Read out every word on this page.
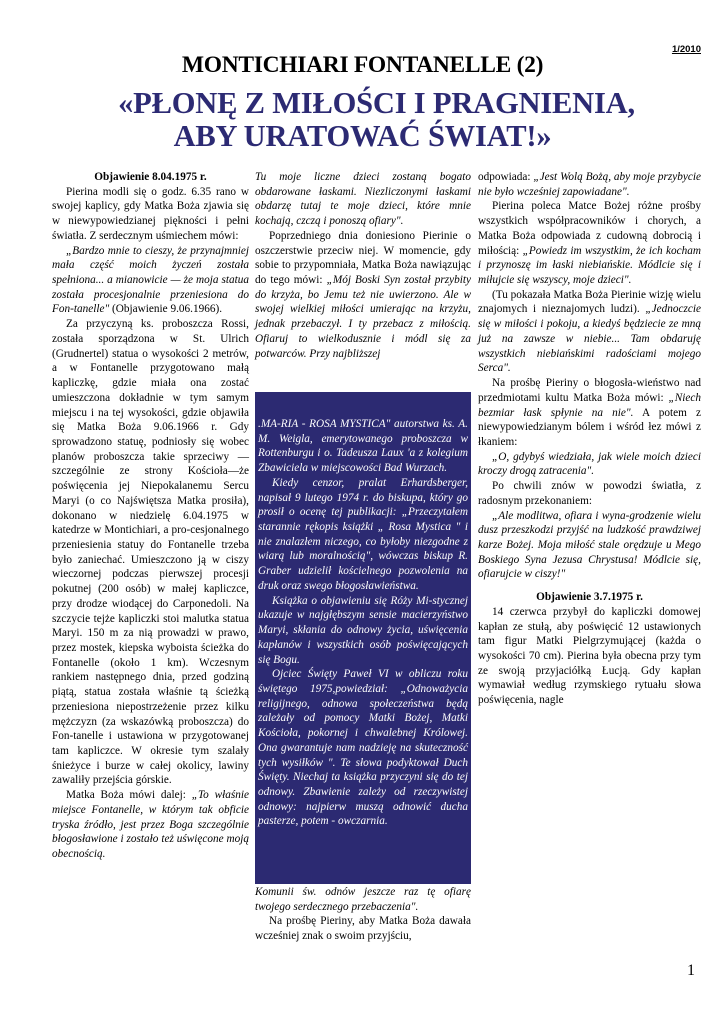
1/2010
MONTICHIARI FONTANELLE (2)
«PŁONĘ Z MIŁOŚCI I PRAGNIENIA,
ABY URATOWAĆ ŚWIAT!»

Objawienie 8.04.1975 r.

Pierina modli się o godz. 6.35 rano w swojej kaplicy, gdy Matka Boża zjawia się w niewypowiedzianej piękności i pełni światła. Z serdecznym uśmiechem mówi:

„Bardzo mnie to cieszy, że przynajmniej mała część moich życzeń została spełniona... a mianowicie — że moja statua została procesjonalnie przeniesiona do Fon-tanelle" (Objawienie 9.06.1966).

Za przyczyną ks. proboszcza Rossi, została sporządzona w St. Ulrich (Grudnertel) statua o wysokości 2 metrów, a w Fontanelle przygotowano małą kapliczkę, gdzie miała ona zostać umieszczona dokładnie w tym samym miejscu i na tej wysokości, gdzie objawiła się Matka Boża 9.06.1966 r. Gdy sprowadzono statuę, podniosły się wobec planów proboszcza takie sprzeciwy — szczególnie ze strony Kościoła—że poświęcenia jej Niepokalanemu Sercu Maryi (o co Najświętsza Matka prosiła), dokonano w niedzielę 6.04.1975 w katedrze w Montichiari, a pro-cesjonalnego przeniesienia statuy do Fontanelle trzeba było zaniechać. Umieszczono ją w ciszy wieczornej podczas pierwszej procesji pokutnej (200 osób) w małej kapliczce, przy drodze wiodącej do Carponedoli. Na szczycie tejże kapliczki stoi malutka statua Maryi. 150 m za nią prowadzi w prawo, przez mostek, kiepska wyboista ścieżka do Fontanelle (około 1 km). Wczesnym rankiem następnego dnia, przed godziną piątą, statua została właśnie tą ścieżką przeniesiona niepostrzeżenie przez kilku mężczyzn (za wskazówką proboszcza) do Fon-tanelle i ustawiona w przygotowanej tam kapliczce. W okresie tym szalały śnieżyce i burze w całej okolicy, lawiny zawaliły przejścia górskie.

Matka Boża mówi dalej: „To właśnie miejsce Fontanelle, w którym tak obficie tryska źródło, jest przez Boga szczególnie błogosławione i zostało też uświęcone moją obecnością.

Tu moje liczne dzieci zostaną bogato obdarowane łaskami. Niezliczonymi łaskami obdarzę tutaj te moje dzieci, które mnie kochają, czczą i ponoszą ofiary".

Poprzedniego dnia doniesiono Pierinie o oszczerstwie przeciw niej. W momencie, gdy sobie to przypomniała, Matka Boża nawiązując do tego mówi: „Mój Boski Syn został przybity do krzyża, bo Jemu też nie uwierzono. Ale w swojej wielkiej miłości umierając na krzyżu, jednak przebaczył. I ty przebacz z miłością. Ofiaruj to wielkodusznie i módl się za potwarców. Przy najbliższej

.MA-RIA - ROSA MYSTICA" autorstwa ks. A. M. Weigla, emerytowanego proboszcza w Rottenburgu i o. Tadeusza Laux 'a z kolegium Zbawiciela w miejscowości Bad Wurzach.

Kiedy cenzor, pralat Erhardsberger, napisał 9 lutego 1974 r. do biskupa, który go prosił o ocenę tej publikacji: „Przeczytałem starannie rękopis książki „ Rosa Mystica " i nie znalazłem niczego, co byłoby niezgodne z wiarą lub moralnością", wówczas biskup R. Graber udzielił kościelnego pozwolenia na druk oraz swego błogosławieństwa.

Książka o objawieniu się Róży Mi-stycznej ukazuje w najgłębszym sensie macierzyństwo Maryi, skłania do odnowy życia, uświęcenia kapłanów i wszystkich osób poświęcających się Bogu.

Ojciec Święty Paweł VI w obliczu roku świętego 1975,powiedział: „Odnoważycia religijnego, odnowa społeczeństwa będą zależały od pomocy Matki Bożej, Matki Kościoła, pokornej i chwalebnej Królowej. Ona gwarantuje nam nadzieję na skuteczność tych wysiłków ". Te słowa podyktował Duch Święty. Niechaj ta książka przyczyni się do tej odnowy. Zbawienie zależy od rzeczywistej odnowy: najpierw muszą odnowić ducha pasterze, potem - owczarnia.

Komunii św. odnów jeszcze raz tę ofiarę twojego serdecznego przebaczenia".

Na prośbę Pieriny, aby Matka Boża dawała wcześniej znak o swoim przyjściu,

odpowiada: „Jest Wolą Bożą, aby moje przybycie nie było wcześniej zapowiadane".

Pierina poleca Matce Bożej różne prośby wszystkich współpracowników i chorych, a Matka Boża odpowiada z cudowną dobrocią i miłością: „Powiedz im wszystkim, że ich kocham i przynoszę im łaski niebiańskie. Módlcie się i miłujcie się wszyscy, moje dzieci".

(Tu pokazała Matka Boża Pierinie wizję wielu znajomych i nieznajomych ludzi). „Jednoczcie się w miłości i pokoju, a kiedyś będziecie ze mną już na zawsze w niebie... Tam obdaruję wszystkich niebiańskimi radościami mojego Serca".

Na prośbę Pieriny o błogosła-wieństwo nad przedmiotami kultu Matka Boża mówi: „Niech bezmiar łask spłynie na nie". A potem z niewypowiedzianym bólem i wśród łez mówi z łkaniem:

„O, gdybyś wiedziała, jak wiele moich dzieci kroczy drogą zatracenia".

Po chwili znów w powodzi światła, z radosnym przekonaniem:

„Ale modlitwa, ofiara i wyna-grodzenie wielu dusz przeszkodzi przyjść na ludzkość prawdziwej karze Bożej. Moja miłość stale orędzuje u Mego Boskiego Syna Jezusa Chrystusa! Módlcie się, ofiarujcie w ciszy!"

Objawienie 3.7.1975 r.

14 czerwca przybył do kapliczki domowej kapłan ze stułą, aby poświęcić 12 ustawionych tam figur Matki Pielgrzymującej (każda o wysokości 70 cm). Pierina była obecna przy tym ze swoją przyjaciółką Łucją. Gdy kapłan wymawiał według rzymskiego rytuału słowa poświęcenia, nagle

1
